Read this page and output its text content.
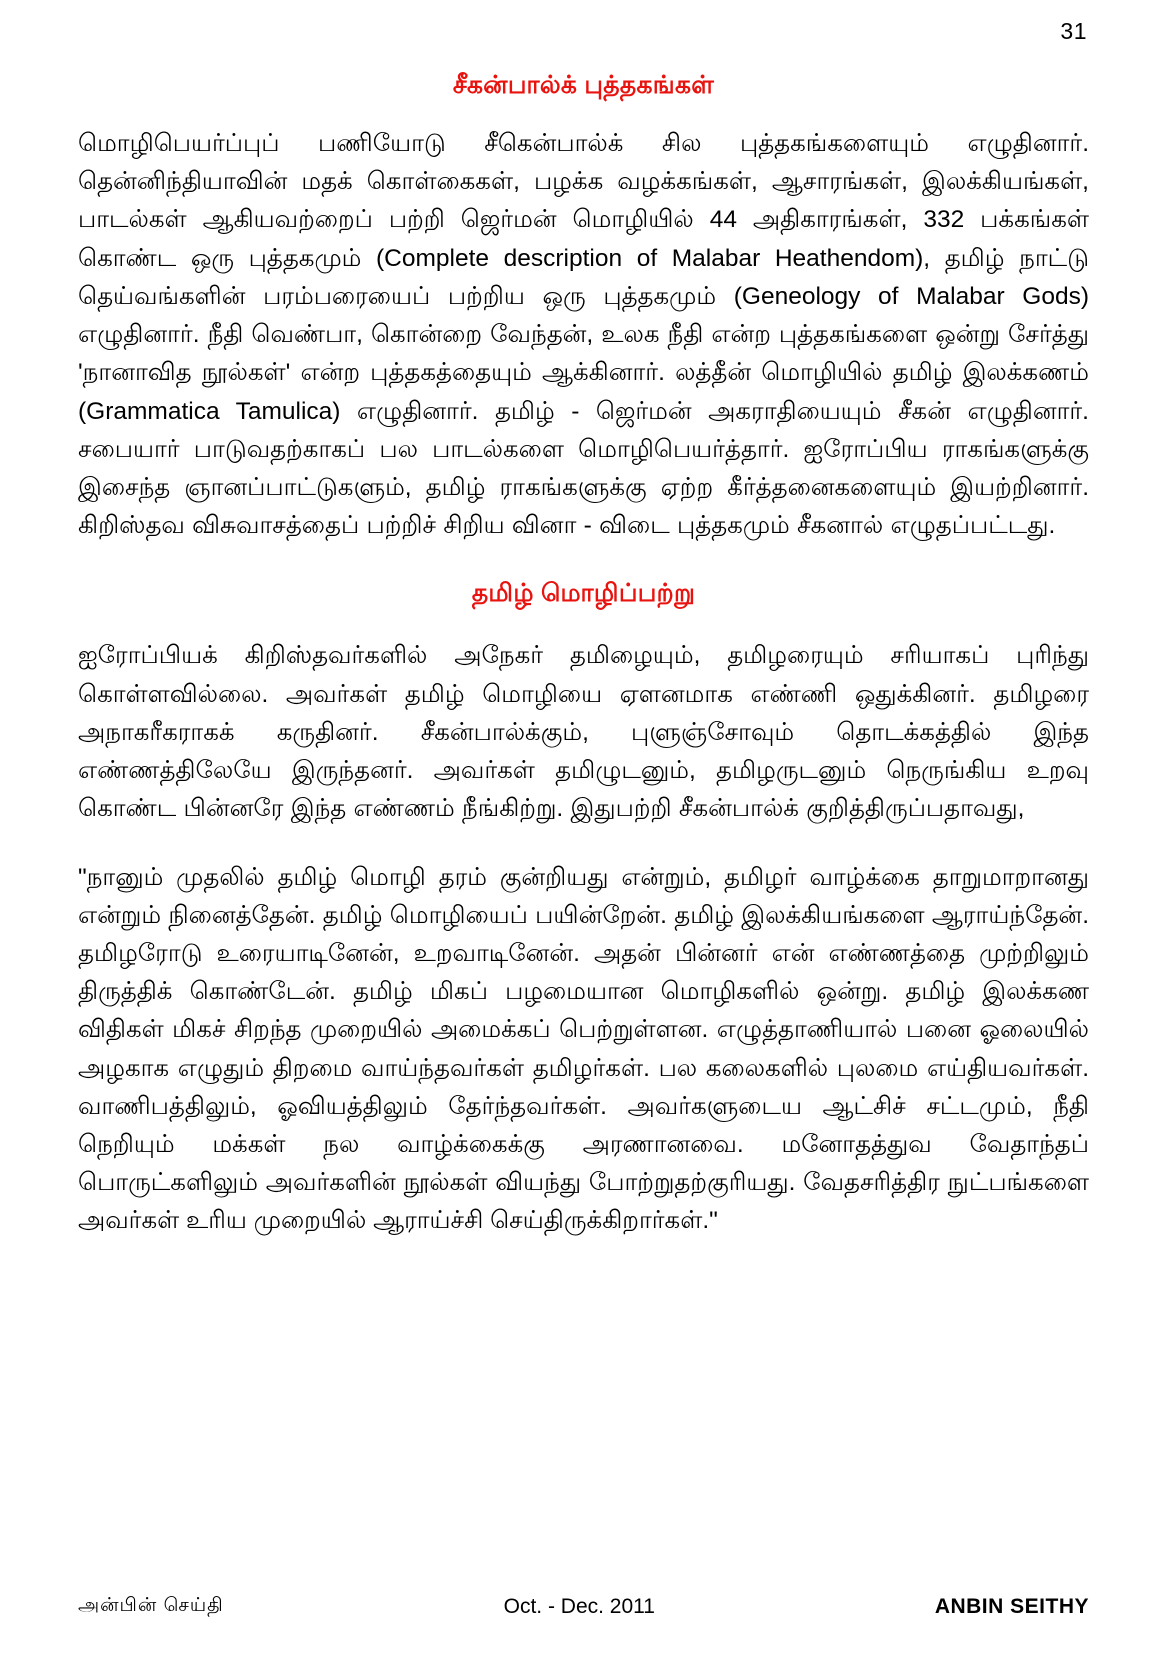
31
சீகன்பால்க் புத்தகங்கள்

மொழிபெயர்ப்புப் பணியோடு சீகென்பால்க் சில புத்தகங்களையும் எழுதினார். தென்னிந்தியாவின் மதக் கொள்கைகள், பழக்க வழக்கங்கள், ஆசாரங்கள், இலக்கியங்கள், பாடல்கள் ஆகியவற்றைப் பற்றி ஜெர்மன் மொழியில் 44 அதிகாரங்கள், 332 பக்கங்கள் கொண்ட ஒரு புத்தகமும் (Complete description of Malabar Heathendom), தமிழ் நாட்டு தெய்வங்களின் பரம்பரையைப் பற்றிய ஒரு புத்தகமும் (Geneology of Malabar Gods) எழுதினார். நீதி வெண்பா, கொன்றை வேந்தன், உலக நீதி என்ற புத்தகங்களை ஒன்று சேர்த்து 'நானாவித நூல்கள்' என்ற புத்தகத்தையும் ஆக்கினார். லத்தீன் மொழியில் தமிழ் இலக்கணம் (Grammatica Tamulica) எழுதினார். தமிழ் - ஜெர்மன் அகராதியையும் சீகன் எழுதினார். சபையார் பாடுவதற்காகப் பல பாடல்களை மொழிபெயர்த்தார். ஐரோப்பிய ராகங்களுக்கு இசைந்த ஞானப்பாட்டுகளும், தமிழ் ராகங்களுக்கு ஏற்ற கீர்த்தனைகளையும் இயற்றினார். கிறிஸ்தவ விசுவாசத்தைப் பற்றிச் சிறிய வினா - விடை புத்தகமும் சீகனால் எழுதப்பட்டது.

தமிழ் மொழிப்பற்று

ஐரோப்பியக் கிறிஸ்தவர்களில் அநேகர் தமிழையும், தமிழரையும் சரியாகப் புரிந்து கொள்ளவில்லை. அவர்கள் தமிழ் மொழியை ஏளனமாக எண்ணி ஒதுக்கினர். தமிழரை அநாகரீகராகக் கருதினர். சீகன்பால்க்கும், புளுஞ்சோவும் தொடக்கத்தில் இந்த எண்ணத்திலேயே இருந்தனர். அவர்கள் தமிழுடனும், தமிழருடனும் நெருங்கிய உறவு கொண்ட பின்னரே இந்த எண்ணம் நீங்கிற்று. இதுபற்றி சீகன்பால்க் குறித்திருப்பதாவது,

"நானும் முதலில் தமிழ் மொழி தரம் குன்றியது என்றும், தமிழர் வாழ்க்கை தாறுமாறானது என்றும் நினைத்தேன். தமிழ் மொழியைப் பயின்றேன். தமிழ் இலக்கியங்களை ஆராய்ந்தேன். தமிழரோடு உரையாடினேன், உறவாடினேன். அதன் பின்னர் என் எண்ணத்தை முற்றிலும் திருத்திக் கொண்டேன். தமிழ் மிகப் பழமையான மொழிகளில் ஒன்று. தமிழ் இலக்கண விதிகள் மிகச் சிறந்த முறையில் அமைக்கப் பெற்றுள்ளன. எழுத்தாணியால் பனை ஓலையில் அழகாக எழுதும் திறமை வாய்ந்தவர்கள் தமிழர்கள். பல கலைகளில் புலமை எய்தியவர்கள். வாணிபத்திலும், ஓவியத்திலும் தேர்ந்தவர்கள். அவர்களுடைய ஆட்சிச் சட்டமும், நீதி நெறியும் மக்கள் நல வாழ்க்கைக்கு அரணானவை. மனோதத்துவ வேதாந்தப் பொருட்களிலும் அவர்களின் நூல்கள் வியந்து போற்றுதற்குரியது. வேதசரித்திர நுட்பங்களை அவர்கள் உரிய முறையில் ஆராய்ச்சி செய்திருக்கிறார்கள்."

அன்பின் செய்தி	Oct. - Dec. 2011	ANBIN SEITHY
